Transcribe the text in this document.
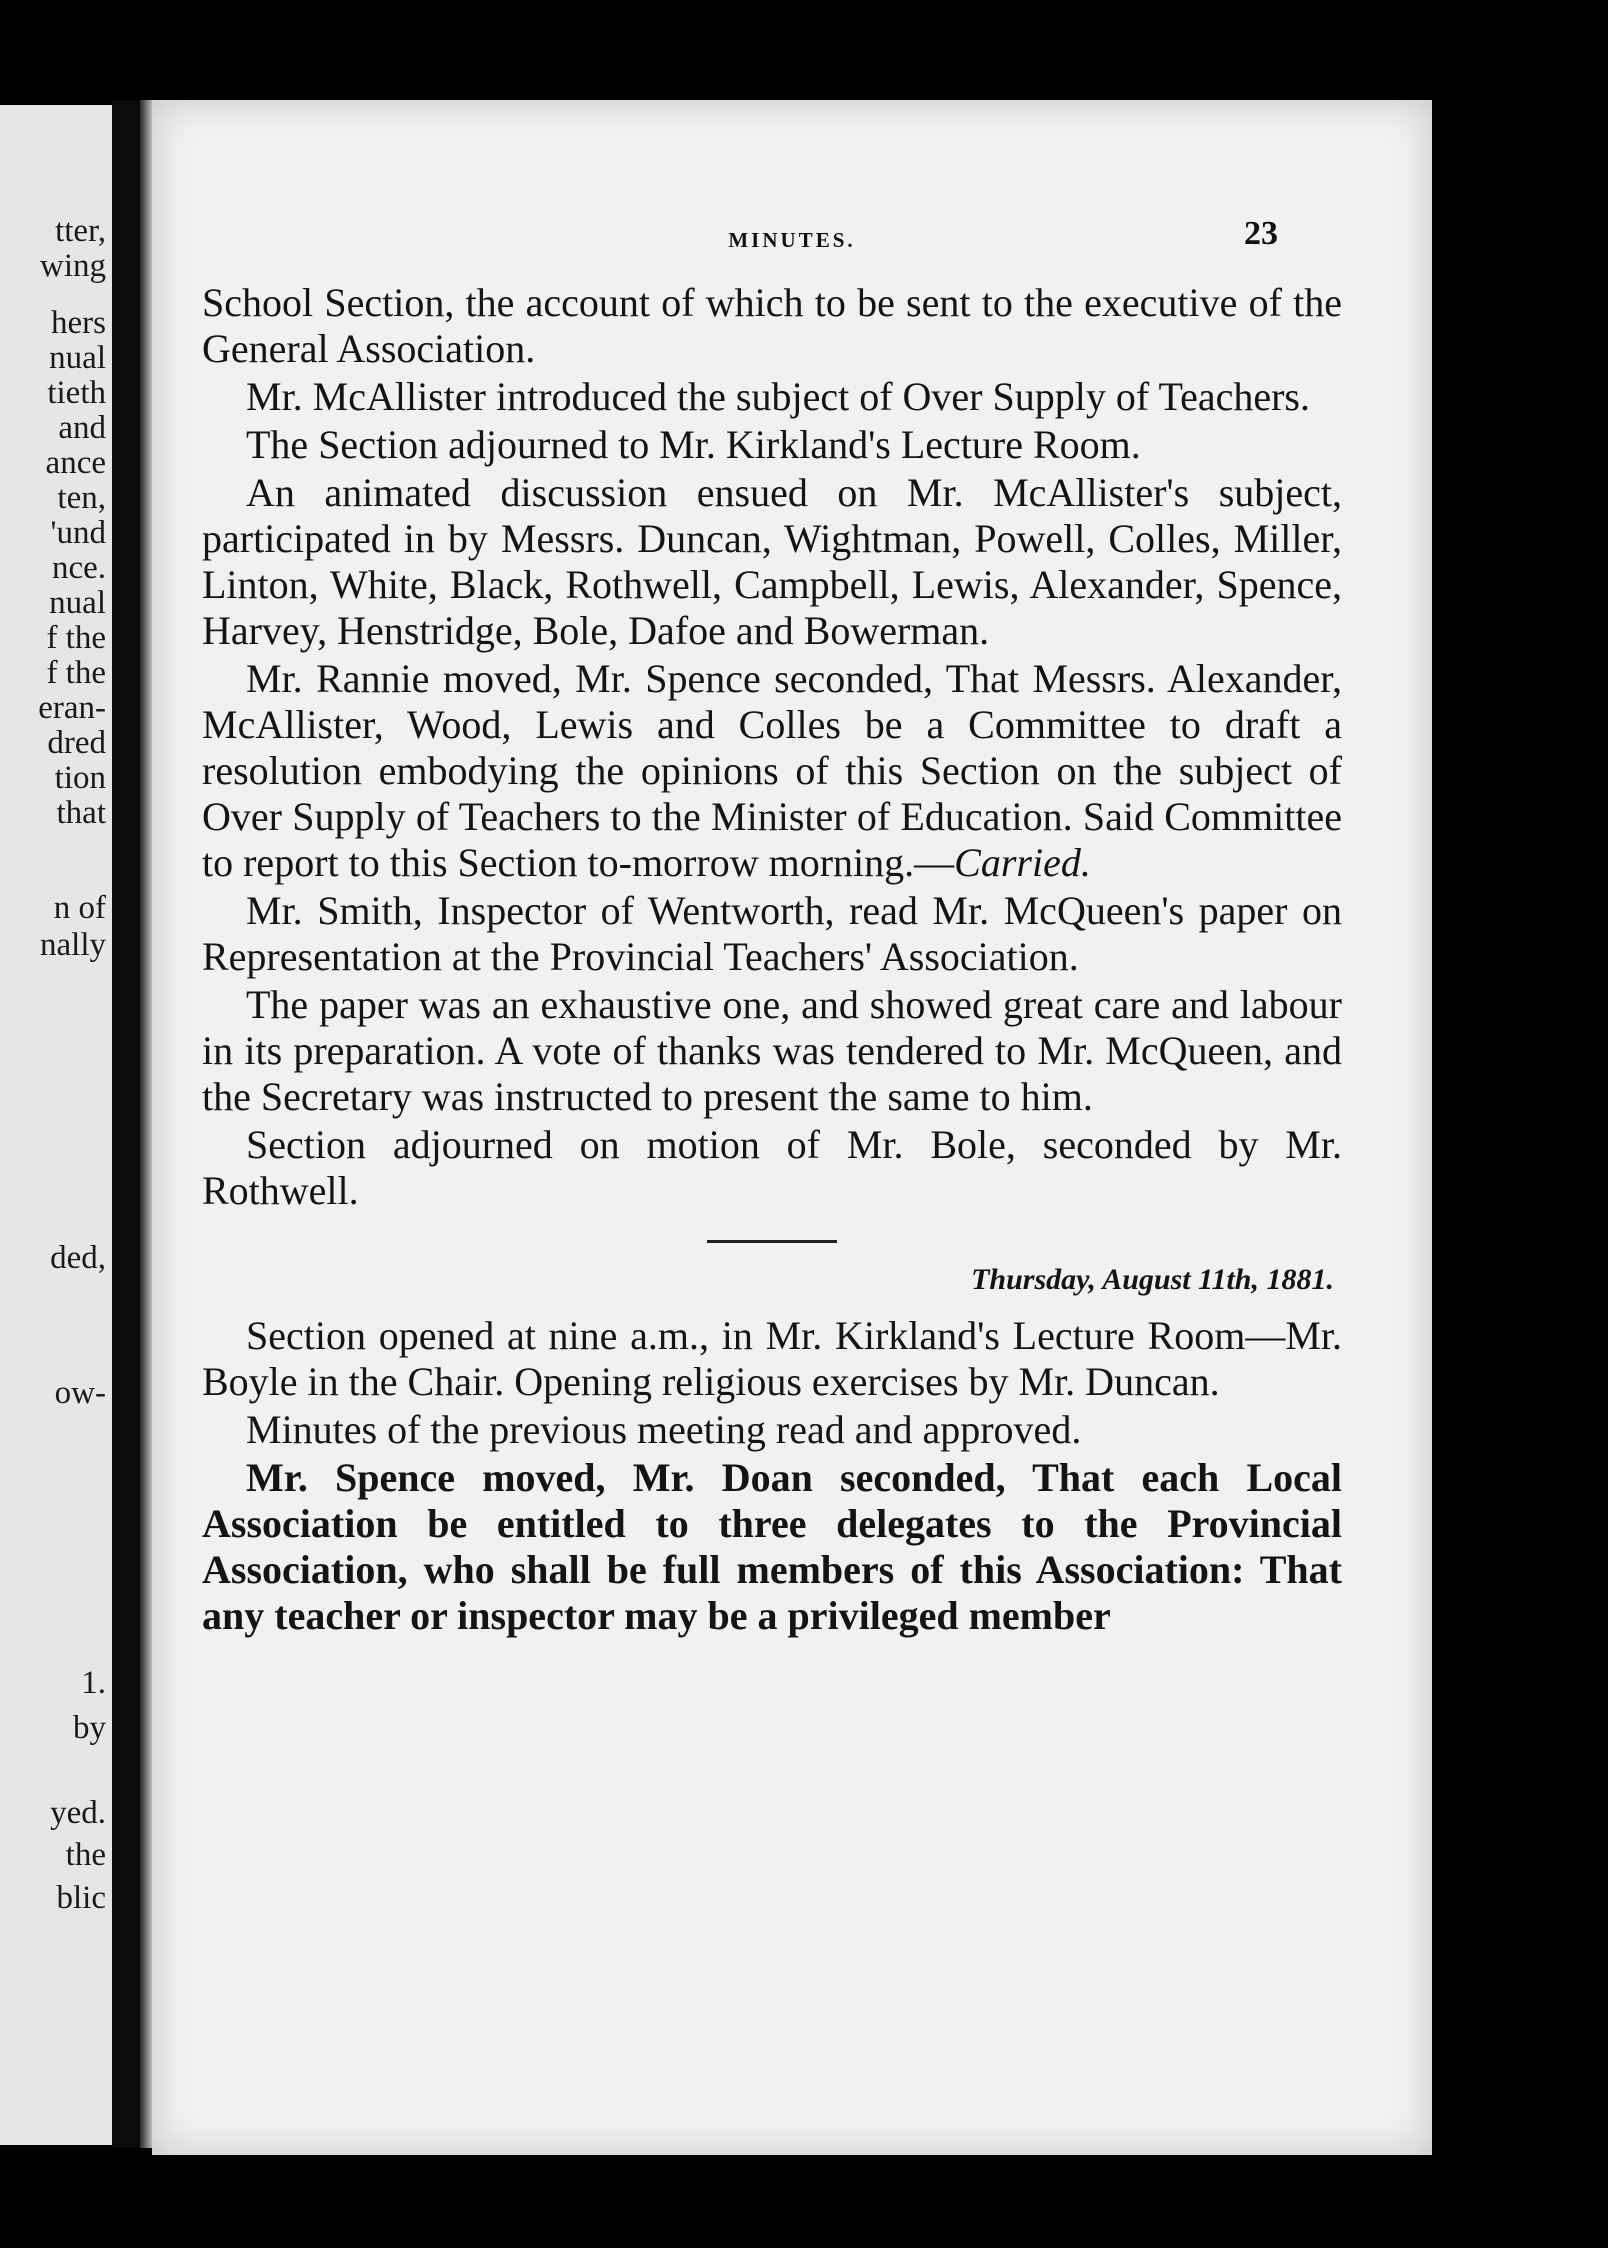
tter,
wing
hers
nual
tieth
and
ance
ten,
'und
nce.
nual
f the
f the
eran-
dred
tion
that
n of
nally
ded,
ow-
1.
by
yed.
the
blic
MINUTES.	23

School Section, the account of which to be sent to the executive of the General Association.

Mr. McAllister introduced the subject of Over Supply of Teachers.

The Section adjourned to Mr. Kirkland's Lecture Room.

An animated discussion ensued on Mr. McAllister's subject, participated in by Messrs. Duncan, Wightman, Powell, Colles, Miller, Linton, White, Black, Rothwell, Campbell, Lewis, Alexander, Spence, Harvey, Henstridge, Bole, Dafoe and Bowerman.

Mr. Rannie moved, Mr. Spence seconded, That Messrs. Alexander, McAllister, Wood, Lewis and Colles be a Committee to draft a resolution embodying the opinions of this Section on the subject of Over Supply of Teachers to the Minister of Education. Said Committee to report to this Section to-morrow morning.—Carried.

Mr. Smith, Inspector of Wentworth, read Mr. McQueen's paper on Representation at the Provincial Teachers' Association.

The paper was an exhaustive one, and showed great care and labour in its preparation. A vote of thanks was tendered to Mr. McQueen, and the Secretary was instructed to present the same to him.

Section adjourned on motion of Mr. Bole, seconded by Mr. Rothwell.

Thursday, August 11th, 1881.

Section opened at nine a.m., in Mr. Kirkland's Lecture Room—Mr. Boyle in the Chair. Opening religious exercises by Mr. Duncan.

Minutes of the previous meeting read and approved.

Mr. Spence moved, Mr. Doan seconded, That each Local Association be entitled to three delegates to the Provincial Association, who shall be full members of this Association: That any teacher or inspector may be a privileged member
